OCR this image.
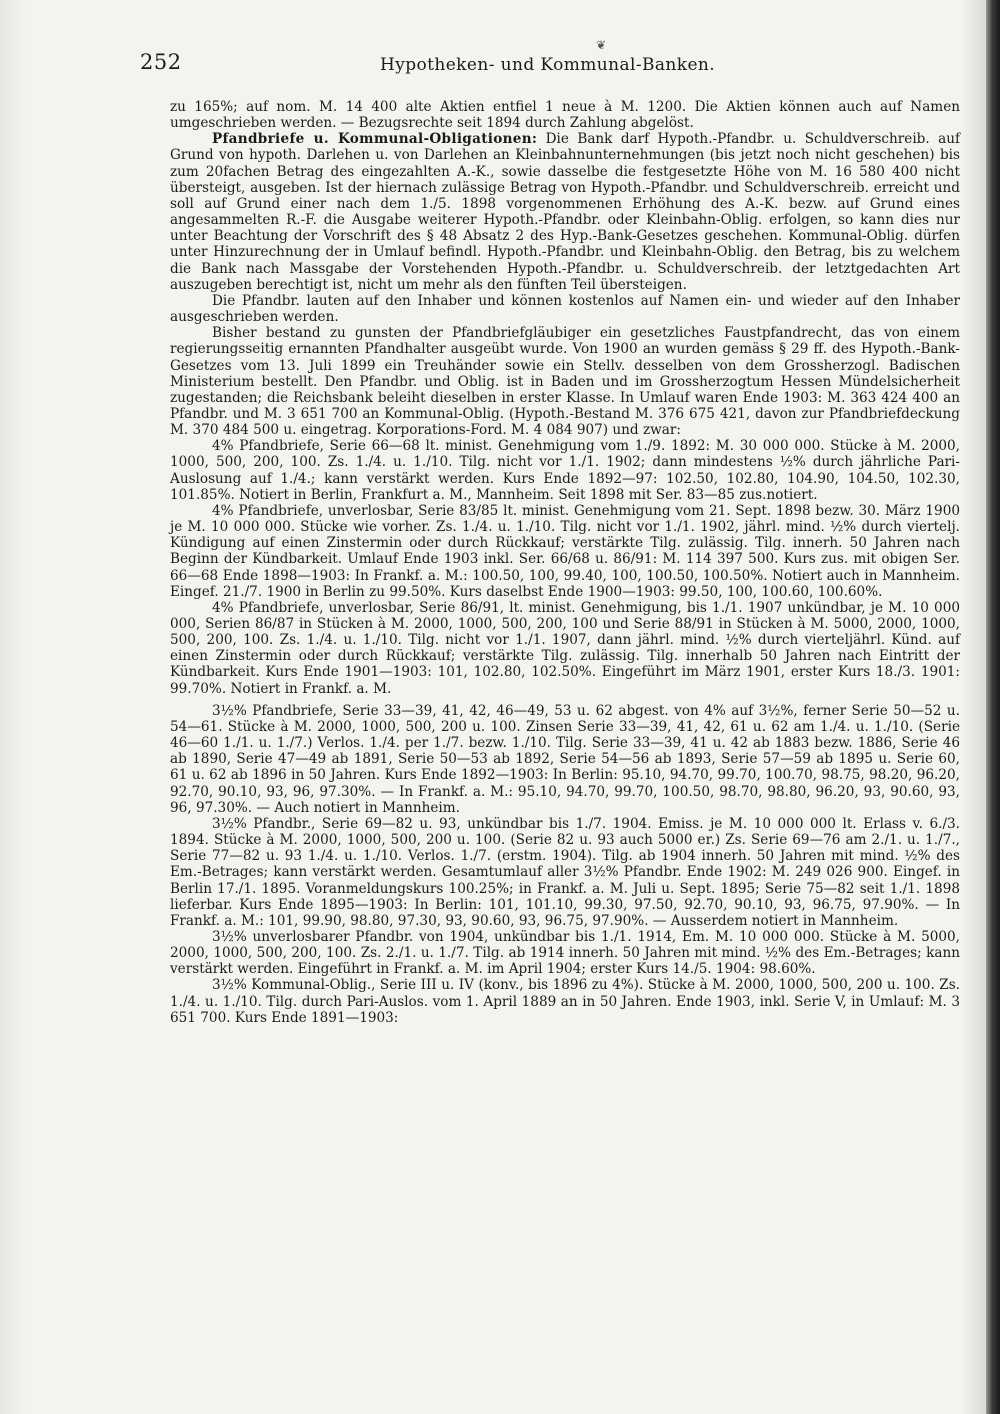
252
❦
Hypotheken- und Kommunal-Banken.

zu 165%; auf nom. M. 14 400 alte Aktien entfiel 1 neue à M. 1200. Die Aktien können auch auf Namen umgeschrieben werden. — Bezugsrechte seit 1894 durch Zahlung abgelöst.

Pfandbriefe u. Kommunal-Obligationen: Die Bank darf Hypoth.-Pfandbr. u. Schuldverschreib. auf Grund von hypoth. Darlehen u. von Darlehen an Kleinbahnunternehmungen (bis jetzt noch nicht geschehen) bis zum 20fachen Betrag des eingezahlten A.-K., sowie dasselbe die festgesetzte Höhe von M. 16 580 400 nicht übersteigt, ausgeben. Ist der hiernach zulässige Betrag von Hypoth.-Pfandbr. und Schuldverschreib. erreicht und soll auf Grund einer nach dem 1./5. 1898 vorgenommenen Erhöhung des A.-K. bezw. auf Grund eines angesammelten R.-F. die Ausgabe weiterer Hypoth.-Pfandbr. oder Kleinbahn-Oblig. erfolgen, so kann dies nur unter Beachtung der Vorschrift des § 48 Absatz 2 des Hyp.-Bank-Gesetzes geschehen. Kommunal-Oblig. dürfen unter Hinzurechnung der in Umlauf befindl. Hypoth.-Pfandbr. und Kleinbahn-Oblig. den Betrag, bis zu welchem die Bank nach Massgabe der Vorstehenden Hypoth.-Pfandbr. u. Schuldverschreib. der letztgedachten Art auszugeben berechtigt ist, nicht um mehr als den fünften Teil übersteigen.

Die Pfandbr. lauten auf den Inhaber und können kostenlos auf Namen ein- und wieder auf den Inhaber ausgeschrieben werden.

Bisher bestand zu gunsten der Pfandbriefgläubiger ein gesetzliches Faustpfandrecht, das von einem regierungsseitig ernannten Pfandhalter ausgeübt wurde. Von 1900 an wurden gemäss § 29 ff. des Hypoth.-Bank-Gesetzes vom 13. Juli 1899 ein Treuhänder sowie ein Stellv. desselben von dem Grossherzogl. Badischen Ministerium bestellt. Den Pfandbr. und Oblig. ist in Baden und im Grossherzogtum Hessen Mündelsicherheit zugestanden; die Reichsbank beleiht dieselben in erster Klasse. In Umlauf waren Ende 1903: M. 363 424 400 an Pfandbr. und M. 3 651 700 an Kommunal-Oblig. (Hypoth.-Bestand M. 376 675 421, davon zur Pfandbriefdeckung M. 370 484 500 u. eingetrag. Korporations-Ford. M. 4 084 907) und zwar:

4% Pfandbriefe, Serie 66—68 lt. minist. Genehmigung vom 1./9. 1892: M. 30 000 000. Stücke à M. 2000, 1000, 500, 200, 100. Zs. 1./4. u. 1./10. Tilg. nicht vor 1./1. 1902; dann mindestens ½% durch jährliche Pari-Auslosung auf 1./4.; kann verstärkt werden. Kurs Ende 1892—97: 102.50, 102.80, 104.90, 104.50, 102.30, 101.85%. Notiert in Berlin, Frankfurt a. M., Mannheim. Seit 1898 mit Ser. 83—85 zus.notiert.

4% Pfandbriefe, unverlosbar, Serie 83/85 lt. minist. Genehmigung vom 21. Sept. 1898 bezw. 30. März 1900 je M. 10 000 000. Stücke wie vorher. Zs. 1./4. u. 1./10. Tilg. nicht vor 1./1. 1902, jährl. mind. ½% durch viertelj. Kündigung auf einen Zinstermin oder durch Rückkauf; verstärkte Tilg. zulässig. Tilg. innerh. 50 Jahren nach Beginn der Kündbarkeit. Umlauf Ende 1903 inkl. Ser. 66/68 u. 86/91: M. 114 397 500. Kurs zus. mit obigen Ser. 66—68 Ende 1898—1903: In Frankf. a. M.: 100.50, 100, 99.40, 100, 100.50, 100.50%. Notiert auch in Mannheim. Eingef. 21./7. 1900 in Berlin zu 99.50%. Kurs daselbst Ende 1900—1903: 99.50, 100, 100.60, 100.60%.

4% Pfandbriefe, unverlosbar, Serie 86/91, lt. minist. Genehmigung, bis 1./1. 1907 unkündbar, je M. 10 000 000, Serien 86/87 in Stücken à M. 2000, 1000, 500, 200, 100 und Serie 88/91 in Stücken à M. 5000, 2000, 1000, 500, 200, 100. Zs. 1./4. u. 1./10. Tilg. nicht vor 1./1. 1907, dann jährl. mind. ½% durch vierteljährl. Künd. auf einen Zinstermin oder durch Rückkauf; verstärkte Tilg. zulässig. Tilg. innerhalb 50 Jahren nach Eintritt der Kündbarkeit. Kurs Ende 1901—1903: 101, 102.80, 102.50%. Eingeführt im März 1901, erster Kurs 18./3. 1901: 99.70%. Notiert in Frankf. a. M.

3½% Pfandbriefe, Serie 33—39, 41, 42, 46—49, 53 u. 62 abgest. von 4% auf 3½%, ferner Serie 50—52 u. 54—61. Stücke à M. 2000, 1000, 500, 200 u. 100. Zinsen Serie 33—39, 41, 42, 61 u. 62 am 1./4. u. 1./10. (Serie 46—60 1./1. u. 1./7.) Verlos. 1./4. per 1./7. bezw. 1./10. Tilg. Serie 33—39, 41 u. 42 ab 1883 bezw. 1886, Serie 46 ab 1890, Serie 47—49 ab 1891, Serie 50—53 ab 1892, Serie 54—56 ab 1893, Serie 57—59 ab 1895 u. Serie 60, 61 u. 62 ab 1896 in 50 Jahren. Kurs Ende 1892—1903: In Berlin: 95.10, 94.70, 99.70, 100.70, 98.75, 98.20, 96.20, 92.70, 90.10, 93, 96, 97.30%. — In Frankf. a. M.: 95.10, 94.70, 99.70, 100.50, 98.70, 98.80, 96.20, 93, 90.60, 93, 96, 97.30%. — Auch notiert in Mannheim.

3½% Pfandbr., Serie 69—82 u. 93, unkündbar bis 1./7. 1904. Emiss. je M. 10 000 000 lt. Erlass v. 6./3. 1894. Stücke à M. 2000, 1000, 500, 200 u. 100. (Serie 82 u. 93 auch 5000 er.) Zs. Serie 69—76 am 2./1. u. 1./7., Serie 77—82 u. 93 1./4. u. 1./10. Verlos. 1./7. (erstm. 1904). Tilg. ab 1904 innerh. 50 Jahren mit mind. ½% des Em.-Betrages; kann verstärkt werden. Gesamtumlauf aller 3½% Pfandbr. Ende 1902: M. 249 026 900. Eingef. in Berlin 17./1. 1895. Voranmeldungskurs 100.25%; in Frankf. a. M. Juli u. Sept. 1895; Serie 75—82 seit 1./1. 1898 lieferbar. Kurs Ende 1895—1903: In Berlin: 101, 101.10, 99.30, 97.50, 92.70, 90.10, 93, 96.75, 97.90%. — In Frankf. a. M.: 101, 99.90, 98.80, 97.30, 93, 90.60, 93, 96.75, 97.90%. — Ausserdem notiert in Mannheim.

3½% unverlosbarer Pfandbr. von 1904, unkündbar bis 1./1. 1914, Em. M. 10 000 000. Stücke à M. 5000, 2000, 1000, 500, 200, 100. Zs. 2./1. u. 1./7. Tilg. ab 1914 innerh. 50 Jahren mit mind. ½% des Em.-Betrages; kann verstärkt werden. Eingeführt in Frankf. a. M. im April 1904; erster Kurs 14./5. 1904: 98.60%.

3½% Kommunal-Oblig., Serie III u. IV (konv., bis 1896 zu 4%). Stücke à M. 2000, 1000, 500, 200 u. 100. Zs. 1./4. u. 1./10. Tilg. durch Pari-Auslos. vom 1. April 1889 an in 50 Jahren. Ende 1903, inkl. Serie V, in Umlauf: M. 3 651 700. Kurs Ende 1891—1903:
